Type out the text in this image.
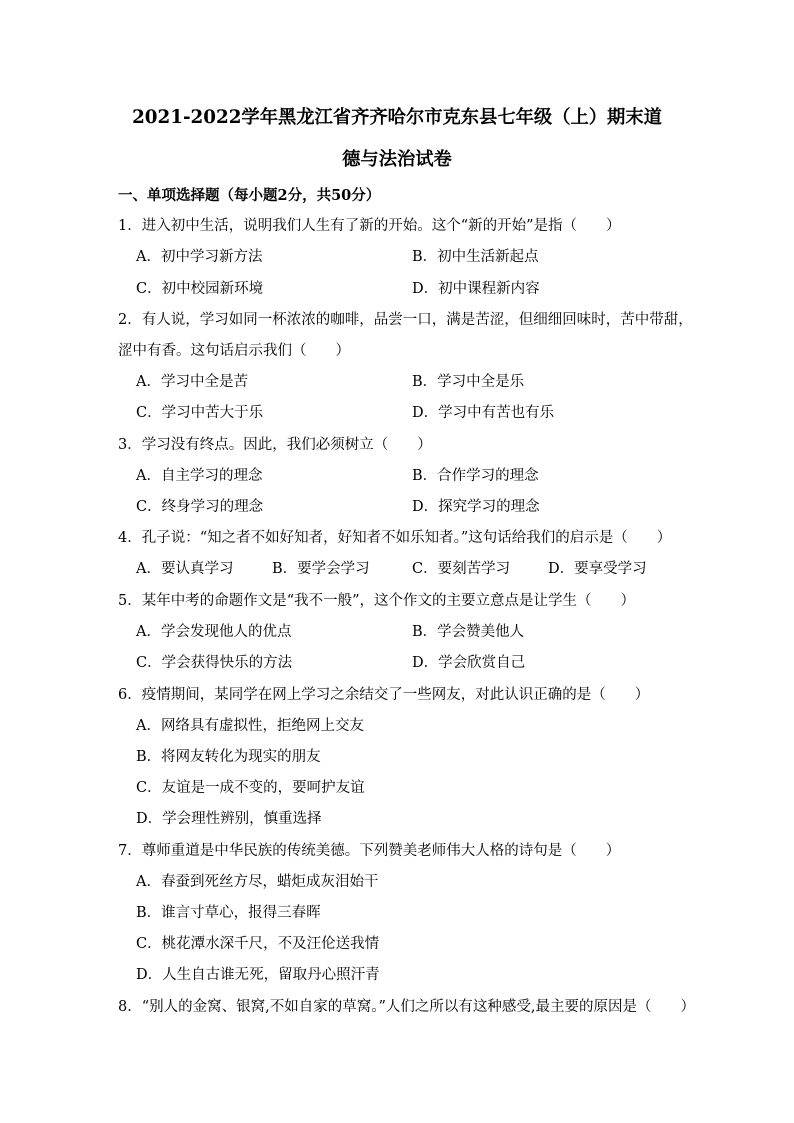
2021-2022学年黑龙江省齐齐哈尔市克东县七年级（上）期末道
德与法治试卷
一、单项选择题（每小题2分，共50分）
1．进入初中生活，说明我们人生有了新的开始。这个“新的开始”是指（　　）
A．初中学习新方法	B．初中生活新起点
C．初中校园新环境	D．初中课程新内容
2．有人说，学习如同一杯浓浓的咖啡，品尝一口，满是苦涩，但细细回味时，苦中带甜，
涩中有香。这句话启示我们（　　）
A．学习中全是苦	B．学习中全是乐
C．学习中苦大于乐	D．学习中有苦也有乐
3．学习没有终点。因此，我们必须树立（　　）
A．自主学习的理念	B．合作学习的理念
C．终身学习的理念	D．探究学习的理念
4．孔子说：“知之者不如好知者，好知者不如乐知者。”这句话给我们的启示是（　　）
A．要认真学习	B．要学会学习	C．要刻苦学习	D．要享受学习
5．某年中考的命题作文是“我不一般”，这个作文的主要立意点是让学生（　　）
A．学会发现他人的优点	B．学会赞美他人
C．学会获得快乐的方法	D．学会欣赏自己
6．疫情期间，某同学在网上学习之余结交了一些网友，对此认识正确的是（　　）
A．网络具有虚拟性，拒绝网上交友
B．将网友转化为现实的朋友
C．友谊是一成不变的，要呵护友谊
D．学会理性辨别，慎重选择
7．尊师重道是中华民族的传统美德。下列赞美老师伟大人格的诗句是（　　）
A．春蚕到死丝方尽，蜡炬成灰泪始干
B．谁言寸草心，报得三春晖
C．桃花潭水深千尺，不及汪伦送我情
D．人生自古谁无死，留取丹心照汗青
8．“别人的金窝、银窝,不如自家的草窝。”人们之所以有这种感受,最主要的原因是（　　）
